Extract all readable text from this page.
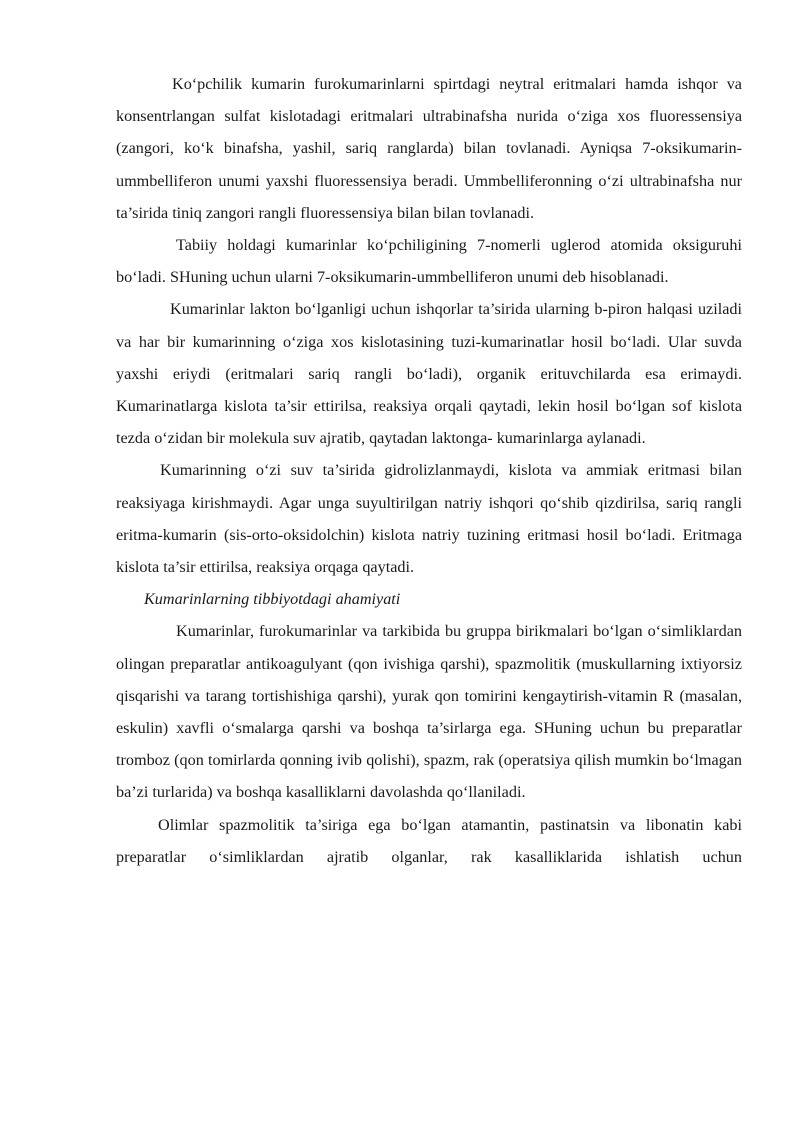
Ko‘pchilik kumarin furokumarinlarni spirtdagi neytral eritmalari hamda ishqor va konsentrlangan sulfat kislotadagi eritmalari ultrabinafsha nurida o‘ziga xos fluoressensiya (zangori, ko‘k binafsha, yashil, sariq ranglarda) bilan tovlanadi. Ayniqsa 7-oksikumarin- ummbelliferon unumi yaxshi fluoressensiya beradi. Ummbelliferonning o‘zi ultrabinafsha nur ta’sirida tiniq zangori rangli fluoressensiya bilan bilan tovlanadi.

Tabiiy holdagi kumarinlar ko‘pchiligining 7-nomerli uglerod atomida oksiguruhi bo‘ladi. SHuning uchun ularni 7-oksikumarin-ummbelliferon unumi deb hisoblanadi.

Kumarinlar lakton bo‘lganligi uchun ishqorlar ta’sirida ularning b-piron halqasi uziladi va har bir kumarinning o‘ziga xos kislotasining tuzi-kumarinatlar hosil bo‘ladi. Ular suvda yaxshi eriydi (eritmalari sariq rangli bo‘ladi), organik erituvchilarda esa erimaydi. Kumarinatlarga kislota ta’sir ettirilsa, reaksiya orqali qaytadi, lekin hosil bo‘lgan sof kislota tezda o‘zidan bir molekula suv ajratib, qaytadan laktonga- kumarinlarga aylanadi.

Kumarinning o‘zi suv ta’sirida gidrolizlanmaydi, kislota va ammiak eritmasi bilan reaksiyaga kirishmaydi. Agar unga suyultirilgan natriy ishqori qo‘shib qizdirilsa, sariq rangli eritma-kumarin (sis-orto-oksidolchin) kislota natriy tuzining eritmasi hosil bo‘ladi. Eritmaga kislota ta’sir ettirilsa, reaksiya orqaga qaytadi.

Kumarinlarning tibbiyotdagi ahamiyati

Kumarinlar, furokumarinlar va tarkibida bu gruppa birikmalari bo‘lgan o‘simliklardan olingan preparatlar antikoagulyant (qon ivishiga qarshi), spazmolitik (muskullarning ixtiyorsiz qisqarishi va tarang tortishishiga qarshi), yurak qon tomirini kengaytirish-vitamin R (masalan, eskulin) xavfli o‘smalarga qarshi va boshqa ta’sirlarga ega. SHuning uchun bu preparatlar tromboz (qon tomirlarda qonning ivib qolishi), spazm, rak (operatsiya qilish mumkin bo‘lmagan ba’zi turlarida) va boshqa kasalliklarni davolashda qo‘llaniladi.

Olimlar spazmolitik ta’siriga ega bo‘lgan atamantin, pastinatsin va libonatin kabi preparatlar o‘simliklardan ajratib olganlar, rak kasalliklarida ishlatish uchun
